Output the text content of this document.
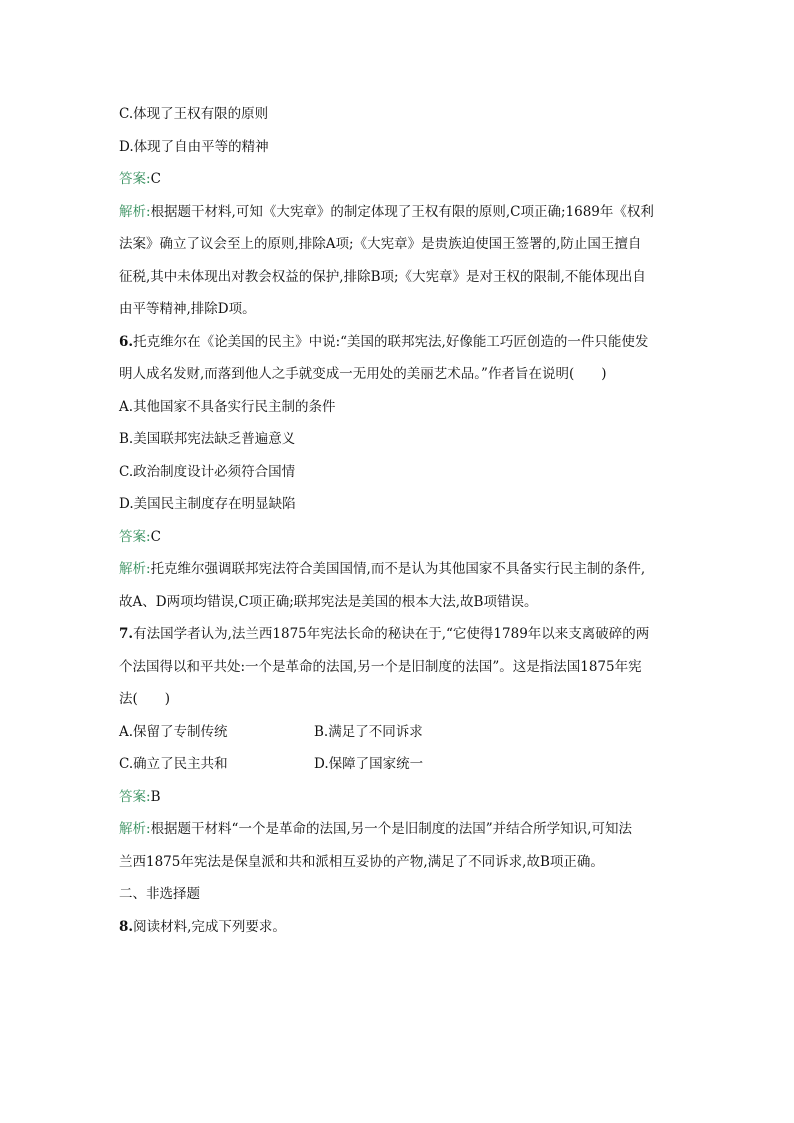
C.体现了王权有限的原则
D.体现了自由平等的精神
答案:C
解析:根据题干材料,可知《大宪章》的制定体现了王权有限的原则,C项正确;1689年《权利
法案》确立了议会至上的原则,排除A项;《大宪章》是贵族迫使国王签署的,防止国王擅自
征税,其中未体现出对教会权益的保护,排除B项;《大宪章》是对王权的限制,不能体现出自
由平等精神,排除D项。
6.托克维尔在《论美国的民主》中说:“美国的联邦宪法,好像能工巧匠创造的一件只能使发
明人成名发财,而落到他人之手就变成一无用处的美丽艺术品。”作者旨在说明(　　)
A.其他国家不具备实行民主制的条件
B.美国联邦宪法缺乏普遍意义
C.政治制度设计必须符合国情
D.美国民主制度存在明显缺陷
答案:C
解析:托克维尔强调联邦宪法符合美国国情,而不是认为其他国家不具备实行民主制的条件,
故A、D两项均错误,C项正确;联邦宪法是美国的根本大法,故B项错误。
7.有法国学者认为,法兰西1875年宪法长命的秘诀在于,“它使得1789年以来支离破碎的两
个法国得以和平共处:一个是革命的法国,另一个是旧制度的法国”。这是指法国1875年宪
法(　　)
A.保留了专制传统	B.满足了不同诉求
C.确立了民主共和	D.保障了国家统一
答案:B
解析:根据题干材料“一个是革命的法国,另一个是旧制度的法国”并结合所学知识,可知法
兰西1875年宪法是保皇派和共和派相互妥协的产物,满足了不同诉求,故B项正确。
二、非选择题
8.阅读材料,完成下列要求。
